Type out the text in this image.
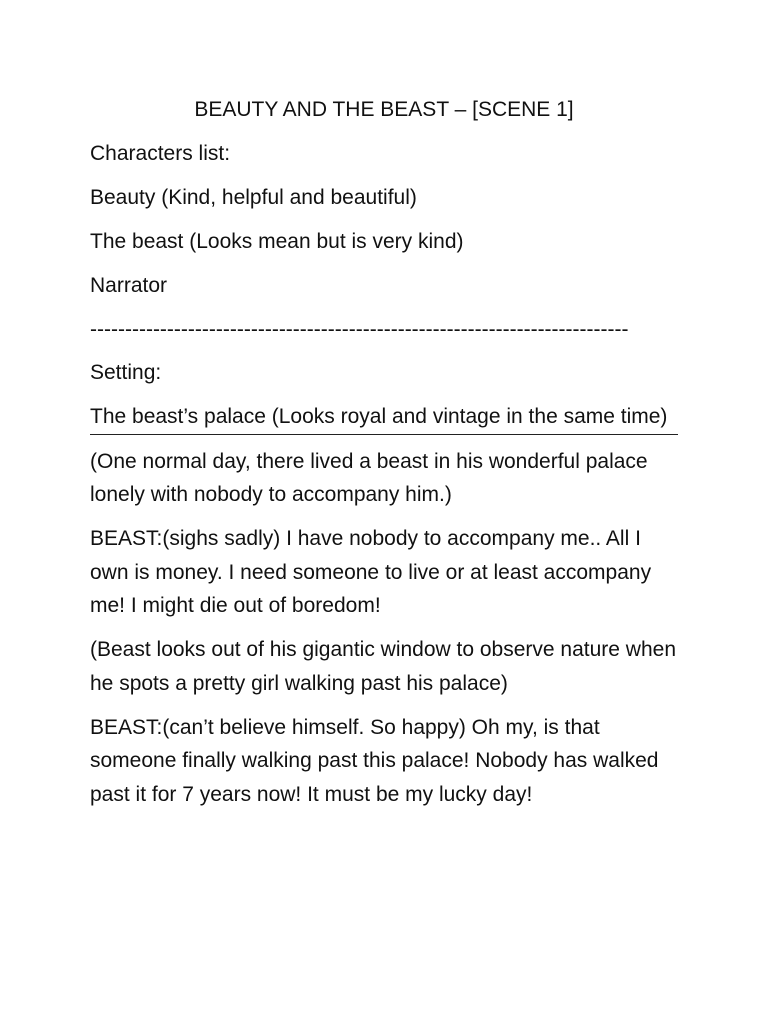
BEAUTY AND THE BEAST – [SCENE 1]

Characters list:

Beauty (Kind, helpful and beautiful)

The beast (Looks mean but is very kind)

Narrator

-----------------------------------------------------------------------------

Setting:

The beast’s palace (Looks royal and vintage in the same time)

(One normal day, there lived a beast in his wonderful palace lonely with nobody to accompany him.)

BEAST:(sighs sadly) I have nobody to accompany me.. All I own is money. I need someone to live or at least accompany me! I might die out of boredom!

(Beast looks out of his gigantic window to observe nature when he spots a pretty girl walking past his palace)

BEAST:(can’t believe himself. So happy) Oh my, is that someone finally walking past this palace! Nobody has walked past it for 7 years now! It must be my lucky day!
